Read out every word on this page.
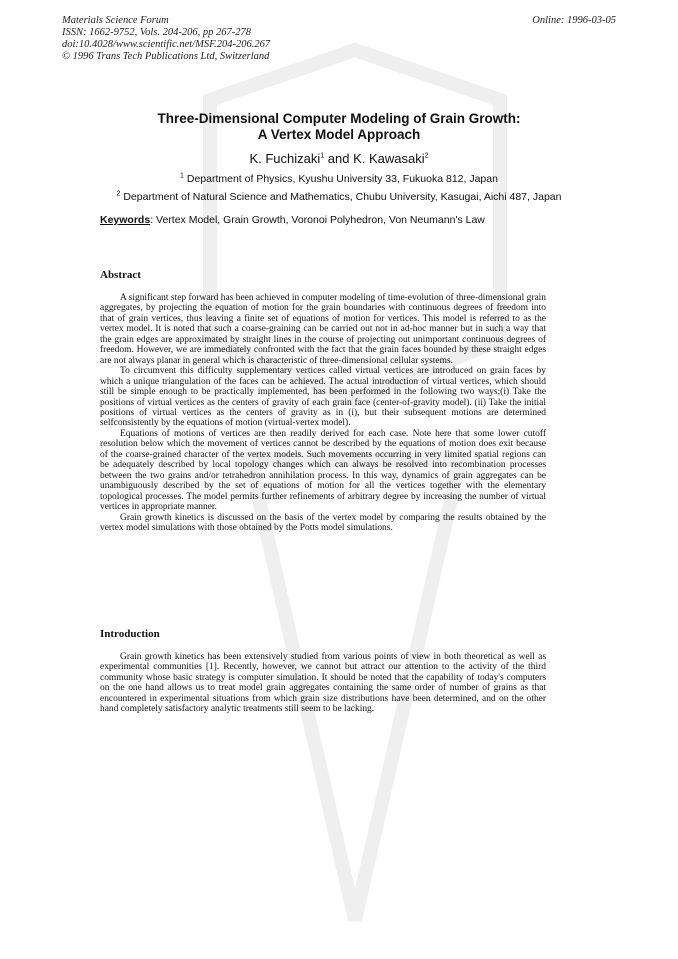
Materials Science Forum
ISSN: 1662-9752, Vols. 204-206, pp 267-278
doi:10.4028/www.scientific.net/MSF.204-206.267
© 1996 Trans Tech Publications Ltd, Switzerland
Online: 1996-03-05
Three-Dimensional Computer Modeling of Grain Growth:
A Vertex Model Approach
K. Fuchizaki$^1$ and K. Kawasaki$^2$
$^1$ Department of Physics, Kyushu University 33, Fukuoka 812, Japan
$^2$ Department of Natural Science and Mathematics, Chubu University, Kasugai, Aichi 487, Japan
Keywords: Vertex Model, Grain Growth, Voronoi Polyhedron, Von Neumann's Law
Abstract

A significant step forward has been achieved in computer modeling of time-evolution of three-dimensional grain aggregates, by projecting the equation of motion for the grain boundaries with continuous degrees of freedom into that of grain vertices, thus leaving a finite set of equations of motion for vertices. This model is referred to as the vertex model. It is noted that such a coarse-graining can be carried out not in ad-hoc manner but in such a way that the grain edges are approximated by straight lines in the course of projecting out unimportant continuous degrees of freedom. However, we are immediately confronted with the fact that the grain faces bounded by these straight edges are not always planar in general which is characteristic of three-dimensional cellular systems.

To circumvent this difficulty supplementary vertices called virtual vertices are introduced on grain faces by which a unique triangulation of the faces can be achieved. The actual introduction of virtual vertices, which should still be simple enough to be practically implemented, has been performed in the following two ways;(i) Take the positions of virtual vertices as the centers of gravity of each grain face (center-of-gravity model). (ii) Take the initial positions of virtual vertices as the centers of gravity as in (i), but their subsequent motions are determined selfconsistently by the equations of motion (virtual-vertex model).

Equations of motions of vertices are then readily derived for each case. Note here that some lower cutoff resolution below which the movement of vertices cannot be described by the equations of motion does exit because of the coarse-grained character of the vertex models. Such movements occurring in very limited spatial regions can be adequately described by local topology changes which can always be resolved into recombination processes between the two grains and/or tetrahedron annihilation process. In this way, dynamics of grain aggregates can be unambiguously described by the set of equations of motion for all the vertices together with the elementary topological processes. The model permits further refinements of arbitrary degree by increasing the number of virtual vertices in appropriate manner.

Grain growth kinetics is discussed on the basis of the vertex model by comparing the results obtained by the vertex model simulations with those obtained by the Potts model simulations.

Introduction

Grain growth kinetics has been extensively studied from various points of view in both theoretical as well as experimental communities [1]. Recently, however, we cannot but attract our attention to the activity of the third community whose basic strategy is computer simulation. It should be noted that the capability of today's computers on the one hand allows us to treat model grain aggregates containing the same order of number of grains as that encountered in experimental situations from which grain size distributions have been determined, and on the other hand completely satisfactory analytic treatments still seem to be lacking.
